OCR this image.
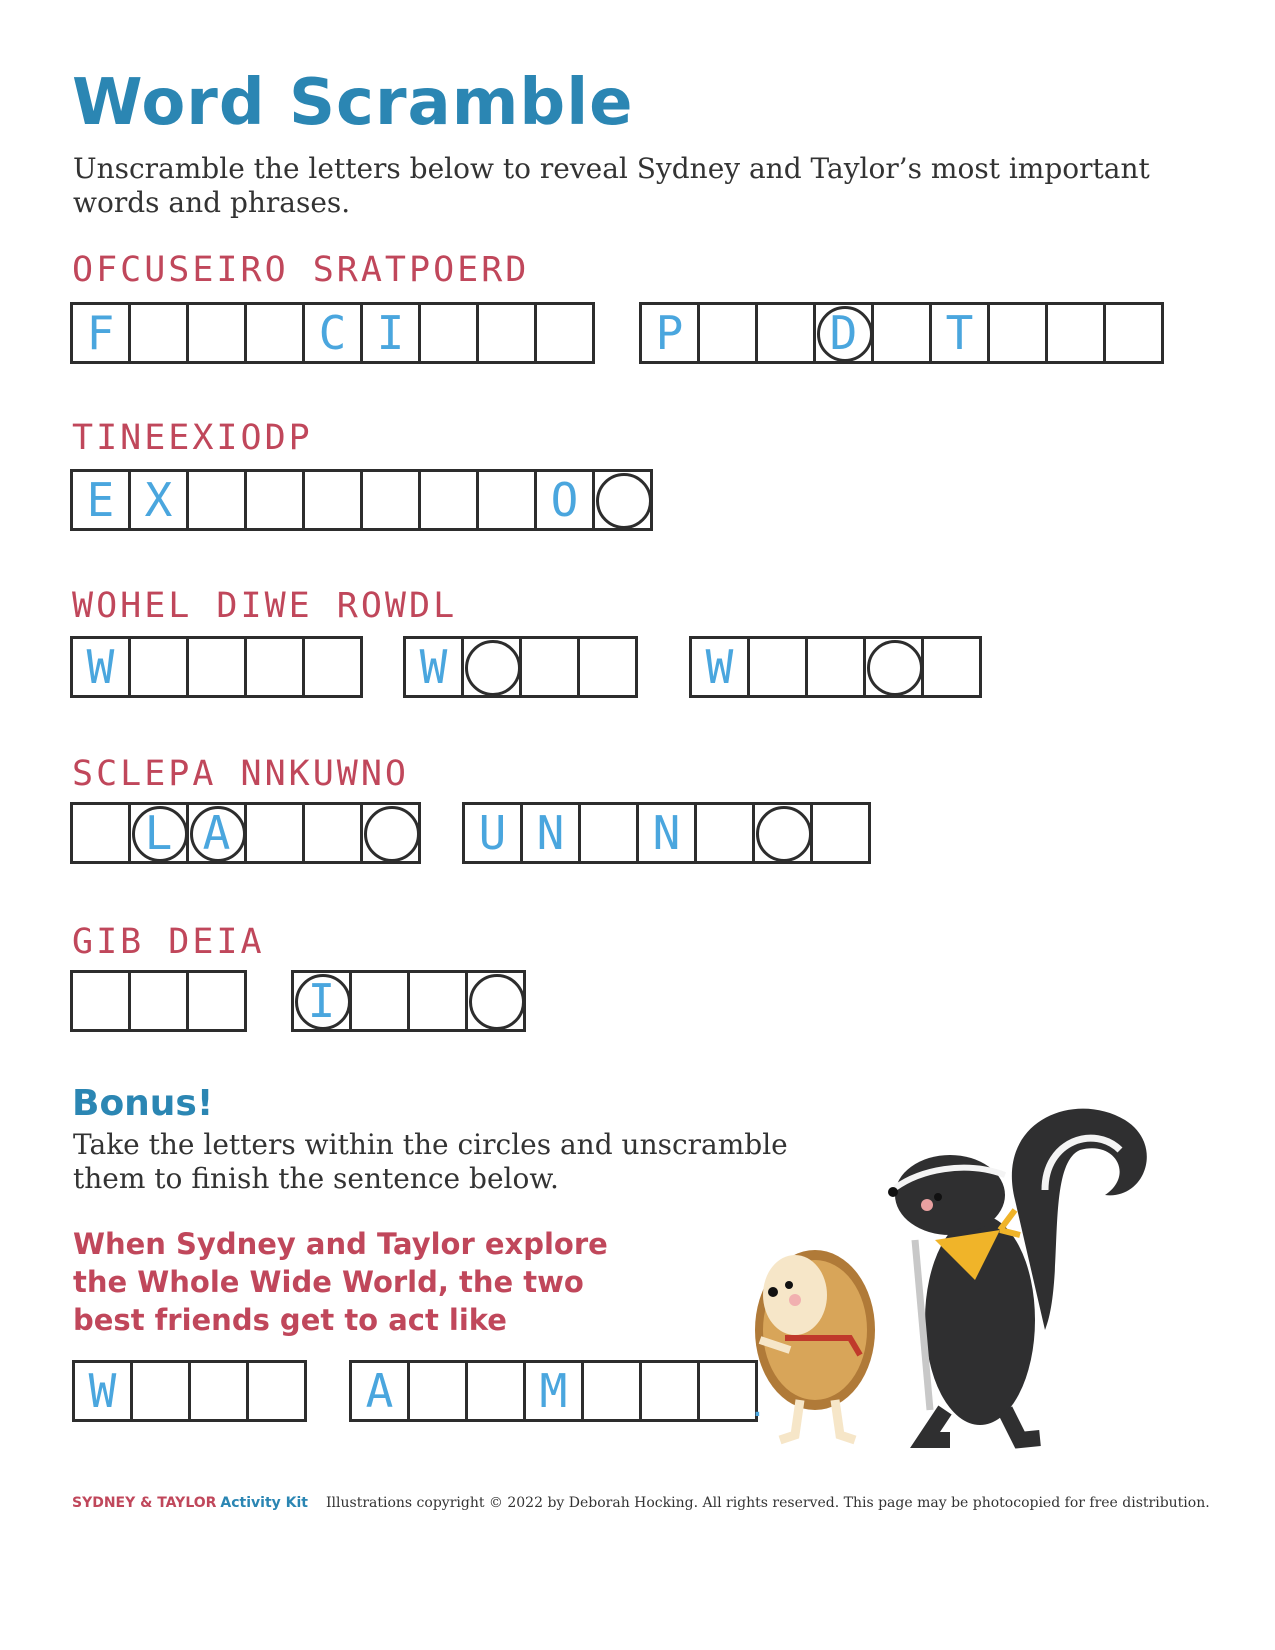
Word Scramble
Unscramble the letters below to reveal Sydney and Taylor’s most important words and phrases.
OFCUSEIRO SRATPOERD
F	C I	P	D T
TINEEXIODP
E X	O
WOHEL DIWE ROWDL
W	W	W
SCLEPA NNKUWNO
L A	U N N
GIB DEIA
I
Bonus!
Take the letters within the circles and unscramble them to finish the sentence below.
When Sydney and Taylor explore the Whole Wide World, the two best friends get to act like
W	A	M	.
SYDNEY & TAYLOR Activity Kit Illustrations copyright © 2022 by Deborah Hocking. All rights reserved. This page may be photocopied for free distribution.
